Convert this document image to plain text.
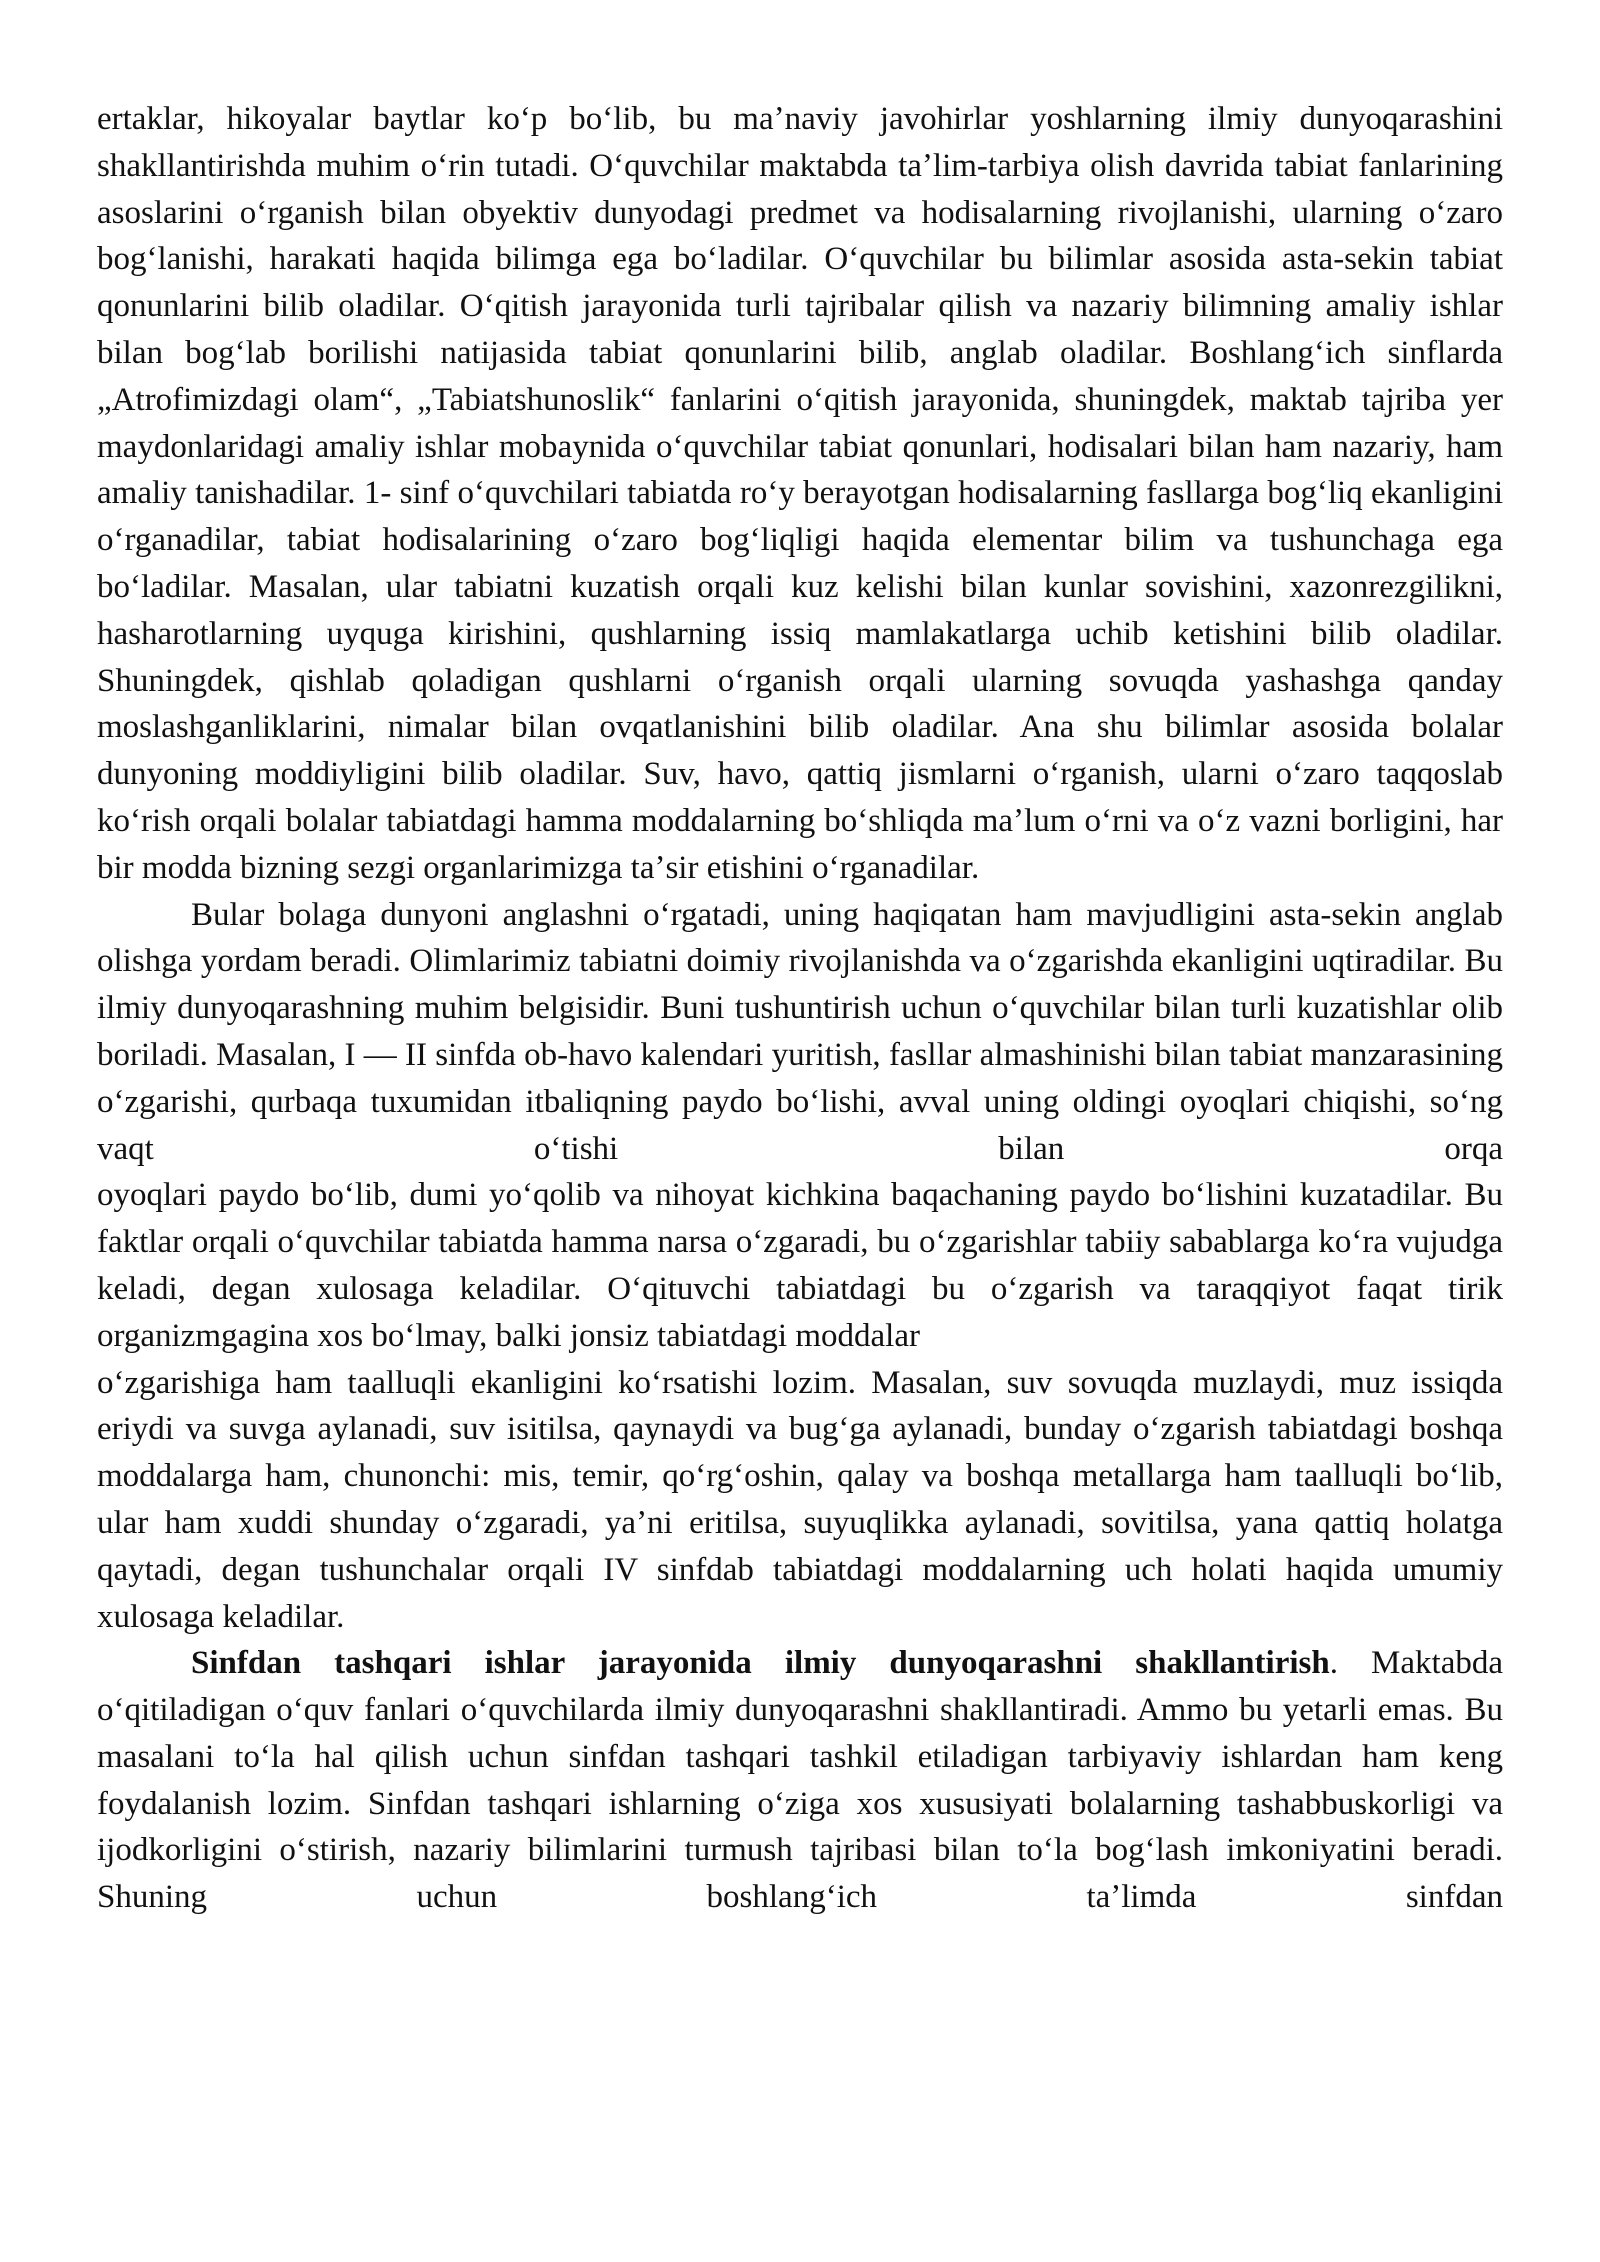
ertaklar, hikoyalar baytlar koʻp boʻlib, bu maʼnaviy javohirlar yoshlarning ilmiy dunyoqarashini shakllantirishda muhim oʻrin tutadi. Oʻquvchilar maktabda taʼlim-tarbiya olish davrida tabiat fanlarining asoslarini oʻrganish bilan obyektiv dunyodagi predmet va hodisalarning rivojlanishi, ularning oʻzaro bogʻlanishi, harakati haqida bilimga ega boʻladilar. Oʻquvchilar bu bilimlar asosida asta-sekin tabiat qonunlarini bilib oladilar. Oʻqitish jarayonida turli tajribalar qilish va nazariy bilimning amaliy ishlar bilan bogʻlab borilishi natijasida tabiat qonunlarini bilib, anglab oladilar. Boshlangʻich sinflarda „Atrofimizdagi olam“, „Tabiatshunoslik“ fanlarini oʻqitish jarayonida, shuningdek, maktab tajriba yer maydonlaridagi amaliy ishlar mobaynida oʻquvchilar tabiat qonunlari, hodisalari bilan ham nazariy, ham amaliy tanishadilar. 1- sinf oʻquvchilari tabiatda roʻy berayotgan hodisalarning fasllarga bogʻliq ekanligini oʻrganadilar, tabiat hodisalarining oʻzaro bogʻliqligi haqida elementar bilim va tushunchaga ega boʻladilar. Masalan, ular tabiatni kuzatish orqali kuz kelishi bilan kunlar sovishini, xazonrezgilikni, hasharotlarning uyquga kirishini, qushlarning issiq mamlakatlarga uchib ketishini bilib oladilar. Shuningdek, qishlab qoladigan qushlarni oʻrganish orqali ularning sovuqda yashashga qanday moslashganliklarini, nimalar bilan ovqatlanishini bilib oladilar. Ana shu bilimlar asosida bolalar dunyoning moddiyligini bilib oladilar. Suv, havo, qattiq jismlarni oʻrganish, ularni oʻzaro taqqoslab koʻrish orqali bolalar tabiatdagi hamma moddalarning boʻshliqda maʼlum oʻrni va oʻz vazni borligini, har bir modda bizning sezgi organlarimizga taʼsir etishini oʻrganadilar.

Bular bolaga dunyoni anglashni oʻrgatadi, uning haqiqatan ham mavjudligini asta-sekin anglab olishga yordam beradi. Olimlarimiz tabiatni doimiy rivojlanishda va oʻzgarishda ekanligini uqtiradilar. Bu ilmiy dunyoqarashning muhim belgisidir. Buni tushuntirish uchun oʻquvchilar bilan turli kuzatishlar olib boriladi. Masalan, I — II sinfda ob-havo kalendari yuritish, fasllar almashinishi bilan tabiat manzarasining oʻzgarishi, qurbaqa tuxumidan itbaliqning paydo boʻlishi, avval uning oldingi oyoqlari chiqishi, soʻng vaqt oʻtishi bilan orqa

oyoqlari paydo boʻlib, dumi yoʻqolib va nihoyat kichkina baqachaning paydo boʻlishini kuzatadilar. Bu faktlar orqali oʻquvchilar tabiatda hamma narsa oʻzgaradi, bu oʻzgarishlar tabiiy sabablarga koʻra vujudga keladi, degan xulosaga keladilar. Oʻqituvchi tabiatdagi bu oʻzgarish va taraqqiyot faqat tirik organizmgagina xos boʻlmay, balki jonsiz tabiatdagi moddalar

oʻzgarishiga ham taalluqli ekanligini koʻrsatishi lozim. Masalan, suv sovuqda muzlaydi, muz issiqda eriydi va suvga aylanadi, suv isitilsa, qaynaydi va bugʻga aylanadi, bunday oʻzgarish tabiatdagi boshqa moddalarga ham, chunonchi: mis, temir, qoʻrgʻoshin, qalay va boshqa metallarga ham taalluqli boʻlib, ular ham xuddi shunday oʻzgaradi, yaʼni eritilsa, suyuqlikka aylanadi, sovitilsa, yana qattiq holatga qaytadi, degan tushunchalar orqali IV sinfdab tabiatdagi moddalarning uch holati haqida umumiy xulosaga keladilar.

Sinfdan tashqari ishlar jarayonida ilmiy dunyoqarashni shakllantirish. Maktabda oʻqitiladigan oʻquv fanlari oʻquvchilarda ilmiy dunyoqarashni shakllantiradi. Ammo bu yetarli emas. Bu masalani toʻla hal qilish uchun sinfdan tashqari tashkil etiladigan tarbiyaviy ishlardan ham keng foydalanish lozim. Sinfdan tashqari ishlarning oʻziga xos xususiyati bolalarning tashabbuskorligi va ijodkorligini oʻstirish, nazariy bilimlarini turmush tajribasi bilan toʻla bogʻlash imkoniyatini beradi. Shuning uchun boshlangʻich taʼlimda sinfdan
